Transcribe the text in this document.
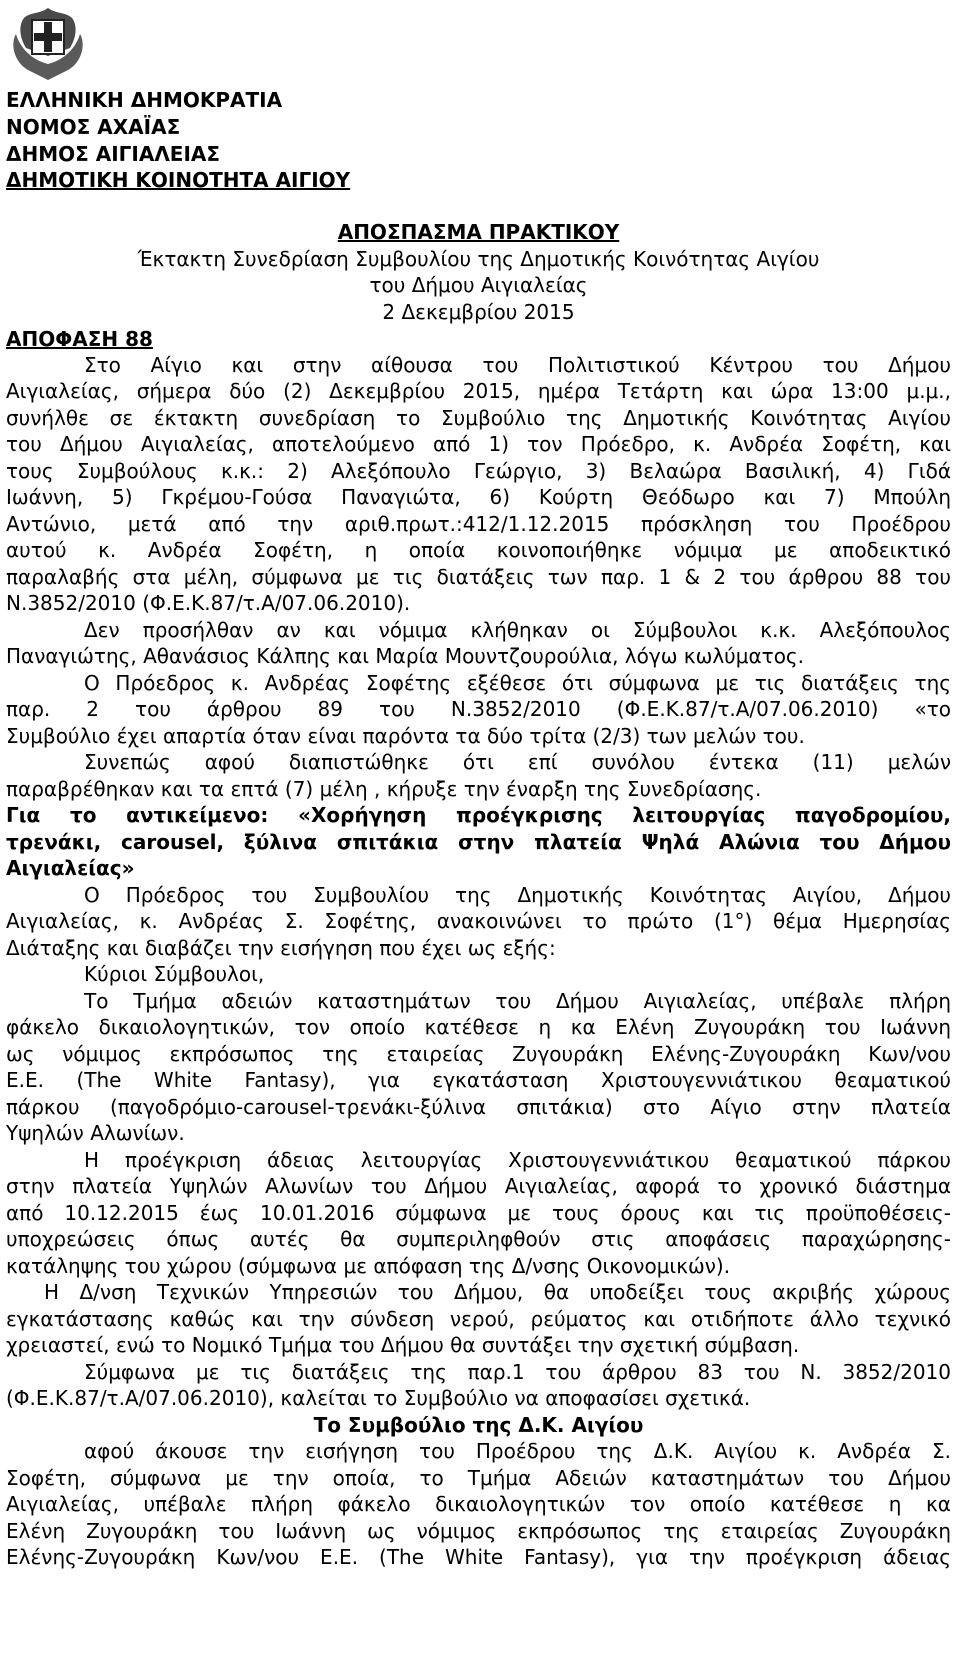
ΕΛΛΗΝΙΚΗ ΔΗΜΟΚΡΑΤΙΑ
ΝΟΜΟΣ ΑΧΑΪΑΣ
ΔΗΜΟΣ ΑΙΓΙΑΛΕΙΑΣ
ΔΗΜΟΤΙΚΗ ΚΟΙΝΟΤΗΤΑ ΑΙΓΙΟΥ
ΑΠΟΣΠΑΣΜΑ ΠΡΑΚΤΙΚΟΥ
Έκτακτη Συνεδρίαση Συμβουλίου της Δημοτικής Κοινότητας Αιγίου
του Δήμου Αιγιαλείας
2 Δεκεμβρίου 2015
ΑΠΟΦΑΣΗ 88
Στο Αίγιο και στην αίθουσα του Πολιτιστικού Κέντρου του Δήμου
Αιγιαλείας, σήμερα δύο (2) Δεκεμβρίου 2015, ημέρα Τετάρτη και ώρα 13:00 μ.μ.,
συνήλθε σε έκτακτη συνεδρίαση το Συμβούλιο της Δημοτικής Κοινότητας Αιγίου
του Δήμου Αιγιαλείας, αποτελούμενο από 1) τον Πρόεδρο, κ. Ανδρέα Σοφέτη, και
τους Συμβούλους κ.κ.: 2) Αλεξόπουλο Γεώργιο, 3) Βελαώρα Βασιλική, 4) Γιδά
Ιωάννη, 5) Γκρέμου-Γούσα Παναγιώτα, 6) Κούρτη Θεόδωρο και 7) Μπούλη
Αντώνιο, μετά από την αριθ.πρωτ.:412/1.12.2015 πρόσκληση του Προέδρου
αυτού κ. Ανδρέα Σοφέτη, η οποία κοινοποιήθηκε νόμιμα με αποδεικτικό
παραλαβής στα μέλη, σύμφωνα με τις διατάξεις των παρ. 1 & 2 του άρθρου 88 του
Ν.3852/2010 (Φ.Ε.Κ.87/τ.Α/07.06.2010).
Δεν προσήλθαν αν και νόμιμα κλήθηκαν οι Σύμβουλοι κ.κ. Αλεξόπουλος
Παναγιώτης, Αθανάσιος Κάλπης και Μαρία Μουντζουρούλια, λόγω κωλύματος.
Ο Πρόεδρος κ. Ανδρέας Σοφέτης εξέθεσε ότι σύμφωνα με τις διατάξεις της
παρ. 2 του άρθρου 89 του Ν.3852/2010 (Φ.Ε.Κ.87/τ.Α/07.06.2010) «το
Συμβούλιο έχει απαρτία όταν είναι παρόντα τα δύο τρίτα (2/3) των μελών του.
Συνεπώς αφού διαπιστώθηκε ότι επί συνόλου έντεκα (11) μελών
παραβρέθηκαν και τα επτά (7) μέλη , κήρυξε την έναρξη της Συνεδρίασης.
Για το αντικείμενο: «Χορήγηση προέγκρισης λειτουργίας παγοδρομίου,
τρενάκι, carousel, ξύλινα σπιτάκια στην πλατεία Ψηλά Αλώνια του Δήμου
Αιγιαλείας»
Ο Πρόεδρος του Συμβουλίου της Δημοτικής Κοινότητας Αιγίου, Δήμου
Αιγιαλείας, κ. Ανδρέας Σ. Σοφέτης, ανακοινώνει το πρώτο (1°) θέμα Ημερησίας
Διάταξης και διαβάζει την εισήγηση που έχει ως εξής:
Κύριοι Σύμβουλοι,
Το Τμήμα αδειών καταστημάτων του Δήμου Αιγιαλείας, υπέβαλε πλήρη
φάκελο δικαιολογητικών, τον οποίο κατέθεσε η κα Ελένη Ζυγουράκη του Ιωάννη
ως νόμιμος εκπρόσωπος της εταιρείας Ζυγουράκη Ελένης-Ζυγουράκη Κων/νου
Ε.Ε. (The White Fantasy), για εγκατάσταση Χριστουγεννιάτικου θεαματικού
πάρκου (παγοδρόμιο-carousel-τρενάκι-ξύλινα σπιτάκια) στο Αίγιο στην πλατεία
Υψηλών Αλωνίων.
Η προέγκριση άδειας λειτουργίας Χριστουγεννιάτικου θεαματικού πάρκου
στην πλατεία Υψηλών Αλωνίων του Δήμου Αιγιαλείας, αφορά το χρονικό διάστημα
από 10.12.2015 έως 10.01.2016 σύμφωνα με τους όρους και τις προϋποθέσεις-
υποχρεώσεις όπως αυτές θα συμπεριληφθούν στις αποφάσεις παραχώρησης-
κατάληψης του χώρου (σύμφωνα με απόφαση της Δ/νσης Οικονομικών).
Η Δ/νση Τεχνικών Υπηρεσιών του Δήμου, θα υποδείξει τους ακριβής χώρους
εγκατάστασης καθώς και την σύνδεση νερού, ρεύματος και οτιδήποτε άλλο τεχνικό
χρειαστεί, ενώ το Νομικό Τμήμα του Δήμου θα συντάξει την σχετική σύμβαση.
Σύμφωνα με τις διατάξεις της παρ.1 του άρθρου 83 του Ν. 3852/2010
(Φ.Ε.Κ.87/τ.Α/07.06.2010), καλείται το Συμβούλιο να αποφασίσει σχετικά.
Το Συμβούλιο της Δ.Κ. Αιγίου
αφού άκουσε την εισήγηση του Προέδρου της Δ.Κ. Αιγίου κ. Ανδρέα Σ.
Σοφέτη, σύμφωνα με την οποία, το Τμήμα Αδειών καταστημάτων του Δήμου
Αιγιαλείας, υπέβαλε πλήρη φάκελο δικαιολογητικών τον οποίο κατέθεσε η κα
Ελένη Ζυγουράκη του Ιωάννη ως νόμιμος εκπρόσωπος της εταιρείας Ζυγουράκη
Ελένης-Ζυγουράκη Κων/νου Ε.Ε. (The White Fantasy), για την προέγκριση άδειας
